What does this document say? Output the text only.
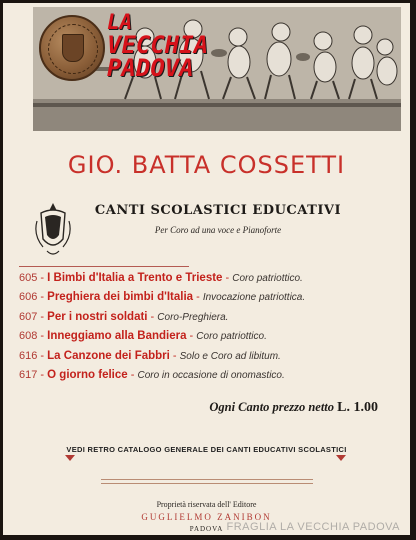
LA
VECCHIA
PADOVA
GIO. BATTA COSSETTI
CANTI SCOLASTICI EDUCATIVI
Per Coro ad una voce e Pianoforte
605 - I Bimbi d'Italia a Trento e Trieste - Coro patriottico.
606 - Preghiera dei bimbi d'Italia - Invocazione patriottica.
607 - Per i nostri soldati - Coro-Preghiera.
608 - Inneggiamo alla Bandiera - Coro patriottico.
616 - La Canzone dei Fabbri - Solo e Coro ad libitum.
617 - O giorno felice - Coro in occasione di onomastico.
Ogni Canto prezzo netto L. 1.00
VEDI RETRO CATALOGO GENERALE DEI CANTI EDUCATIVI SCOLASTICI
Proprietà riservata dell' Editore
GUGLIELMO ZANIBON
PADOVA FRAGLIA LA VECCHIA PADOVA
